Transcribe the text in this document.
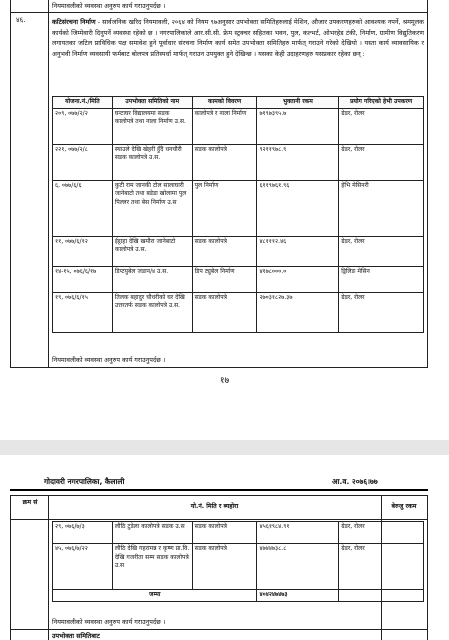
नियमावलीको व्यवस्था अनुरुप कार्य गराउनुपर्दछ ।
४६.	कटिसंरचना निर्माण - सार्वजनिक खरिद नियमावली, २०६४ को नियम ९७अनुसार उपभोक्ता समितिहरुलाई मेशिन, औजार उपकरणहरुको आवश्यक नपर्ने, श्रममूलक कार्यको जिम्मेवारी दिनुपर्ने व्यवस्था रहेको छ । नगरपालिकाले आर.सी.सी. फ्रेम स्ट्रक्चर सहितका भवन, पुल, कल्भर्ट, ओभरहेड टंकी, निर्माण, ग्रामीण विद्युतिकरण लगायतका जटिल प्राविधिक पक्ष समावेश हुने पूर्वाधार संरचना निर्माण कार्य समेत उपभोक्ता समितिहरु मार्फत् गराउने गरेको देखियो । यस्ता कार्य व्यावसायिक र अनुभवी निर्माण व्यवसायी फर्मबाट बोलपत्र प्रतिस्पर्धा मार्फत् गराउन उपयुक्त हुने देखिन्छ । यसका केही उदाहरणहरु यसप्रकार रहेका छन् :
योजना.नं./मिति	उपभोक्ता समितिको नाम	कामको विवरण	भुक्तानी रकम	प्रयोग गरिएको हेभी उपकरण
२०९, ०७७/२/२	घन्टाघर विद्यालयमा सडक कालोपत्रे तथा नाला निर्माण उ.स.	कालोपत्रे र नाला निर्माण	७१९७३९५.७	ग्रेडर, रोलर
२२१, ०७७/२/८	स्याउले देखि खेहरी हुँदै धनचौरी सडक कालोपत्रे उ.स.	सडक कालोपत्रे	९२११९७८.९	ग्रेडर, रोलर
६, ०७७/६/६	कुटी राम जानकी टोल सालाघारी जानेबाटो तथा बडेडा खोलामा पुल पिल्लर तथा बेस निर्माण उ.स	पुल निर्माण	६११९७६१.९६	हेभि मेसिनरी
११, ०७७/६/१२	ईट्ठाहा देखि खमौरा जानेबाटो कालोपत्रे उ.स.	सडक कालोपत्रे	४८१११२.४६	ग्रेडर, रोलर
१४-१५, ०७६/६/१७	डिप्टयुबेल जडान/४ उ.स.	डिप ट्युबेल निर्माण	४१७८०००.०	ड्रिलिङ मेसिन
१९, ०७६/६/१५	तिलक बहादुर चौधरीको घर देखि उत्तरतर्फ सडक कालोपत्रे उ.स.	सडक कालोपत्रे	२७०३१८२७.३७	ग्रेडर, रोलर
नियमावलीको व्यवस्था अनुरुप कार्य गराउनुपर्दछ ।
१७
गोदावरी नगरपालिका, कैलाली	आ.व. २०७६।७७
क्रम सं
यो.नं. मिति र ब्यहोरा	बेरुजु रकम
२९, ०७६/७/३	लौठि टुडेला कालोपत्रे सडक उ.स	सडक कालोपत्रे	४५६१९८४.९१	ग्रेडर, रोलर
४५, ०७६/७/२२	लौठि देखि गहरामन्न र कृष्ण प्रा.वि. देखि गजरीता सम्म सडक कालोपत्रे उ.स	सडक कालोपत्रे	४७४४७३८.८	ग्रेडर, रोलर
जम्मा			४०४२४७४७३	
नियमावलीको व्यवस्था अनुरुप कार्य गराउनुपर्दछ ।
उपभोक्ता समितिबाट
